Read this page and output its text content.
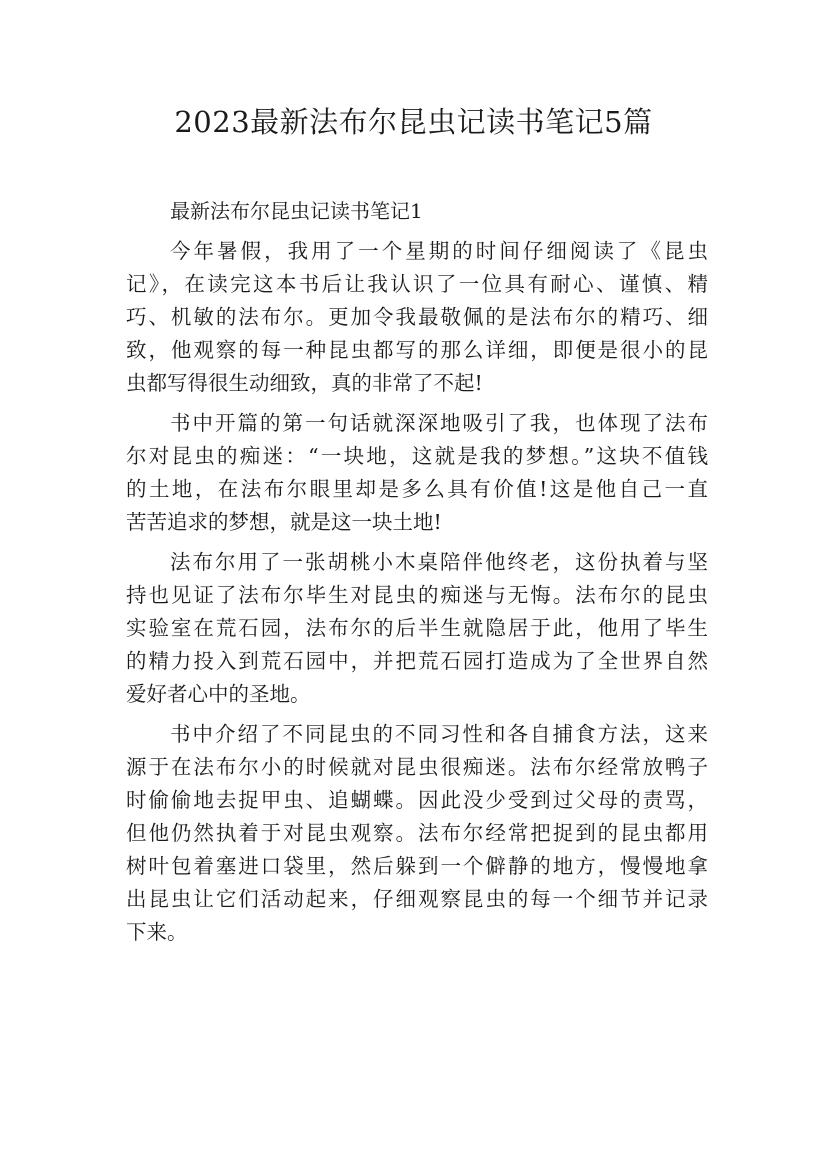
2023最新法布尔昆虫记读书笔记5篇

最新法布尔昆虫记读书笔记1

今年暑假，我用了一个星期的时间仔细阅读了《昆虫
记》，在读完这本书后让我认识了一位具有耐心、谨慎、精
巧、机敏的法布尔。更加令我最敬佩的是法布尔的精巧、细
致，他观察的每一种昆虫都写的那么详细，即便是很小的昆
虫都写得很生动细致，真的非常了不起!
书中开篇的第一句话就深深地吸引了我，也体现了法布
尔对昆虫的痴迷：“一块地，这就是我的梦想。”这块不值钱
的土地，在法布尔眼里却是多么具有价值!这是他自己一直
苦苦追求的梦想，就是这一块土地!
法布尔用了一张胡桃小木桌陪伴他终老，这份执着与坚
持也见证了法布尔毕生对昆虫的痴迷与无悔。法布尔的昆虫
实验室在荒石园，法布尔的后半生就隐居于此，他用了毕生
的精力投入到荒石园中，并把荒石园打造成为了全世界自然
爱好者心中的圣地。
书中介绍了不同昆虫的不同习性和各自捕食方法，这来
源于在法布尔小的时候就对昆虫很痴迷。法布尔经常放鸭子
时偷偷地去捉甲虫、追蝴蝶。因此没少受到过父母的责骂，
但他仍然执着于对昆虫观察。法布尔经常把捉到的昆虫都用
树叶包着塞进口袋里，然后躲到一个僻静的地方，慢慢地拿
出昆虫让它们活动起来，仔细观察昆虫的每一个细节并记录
下来。
